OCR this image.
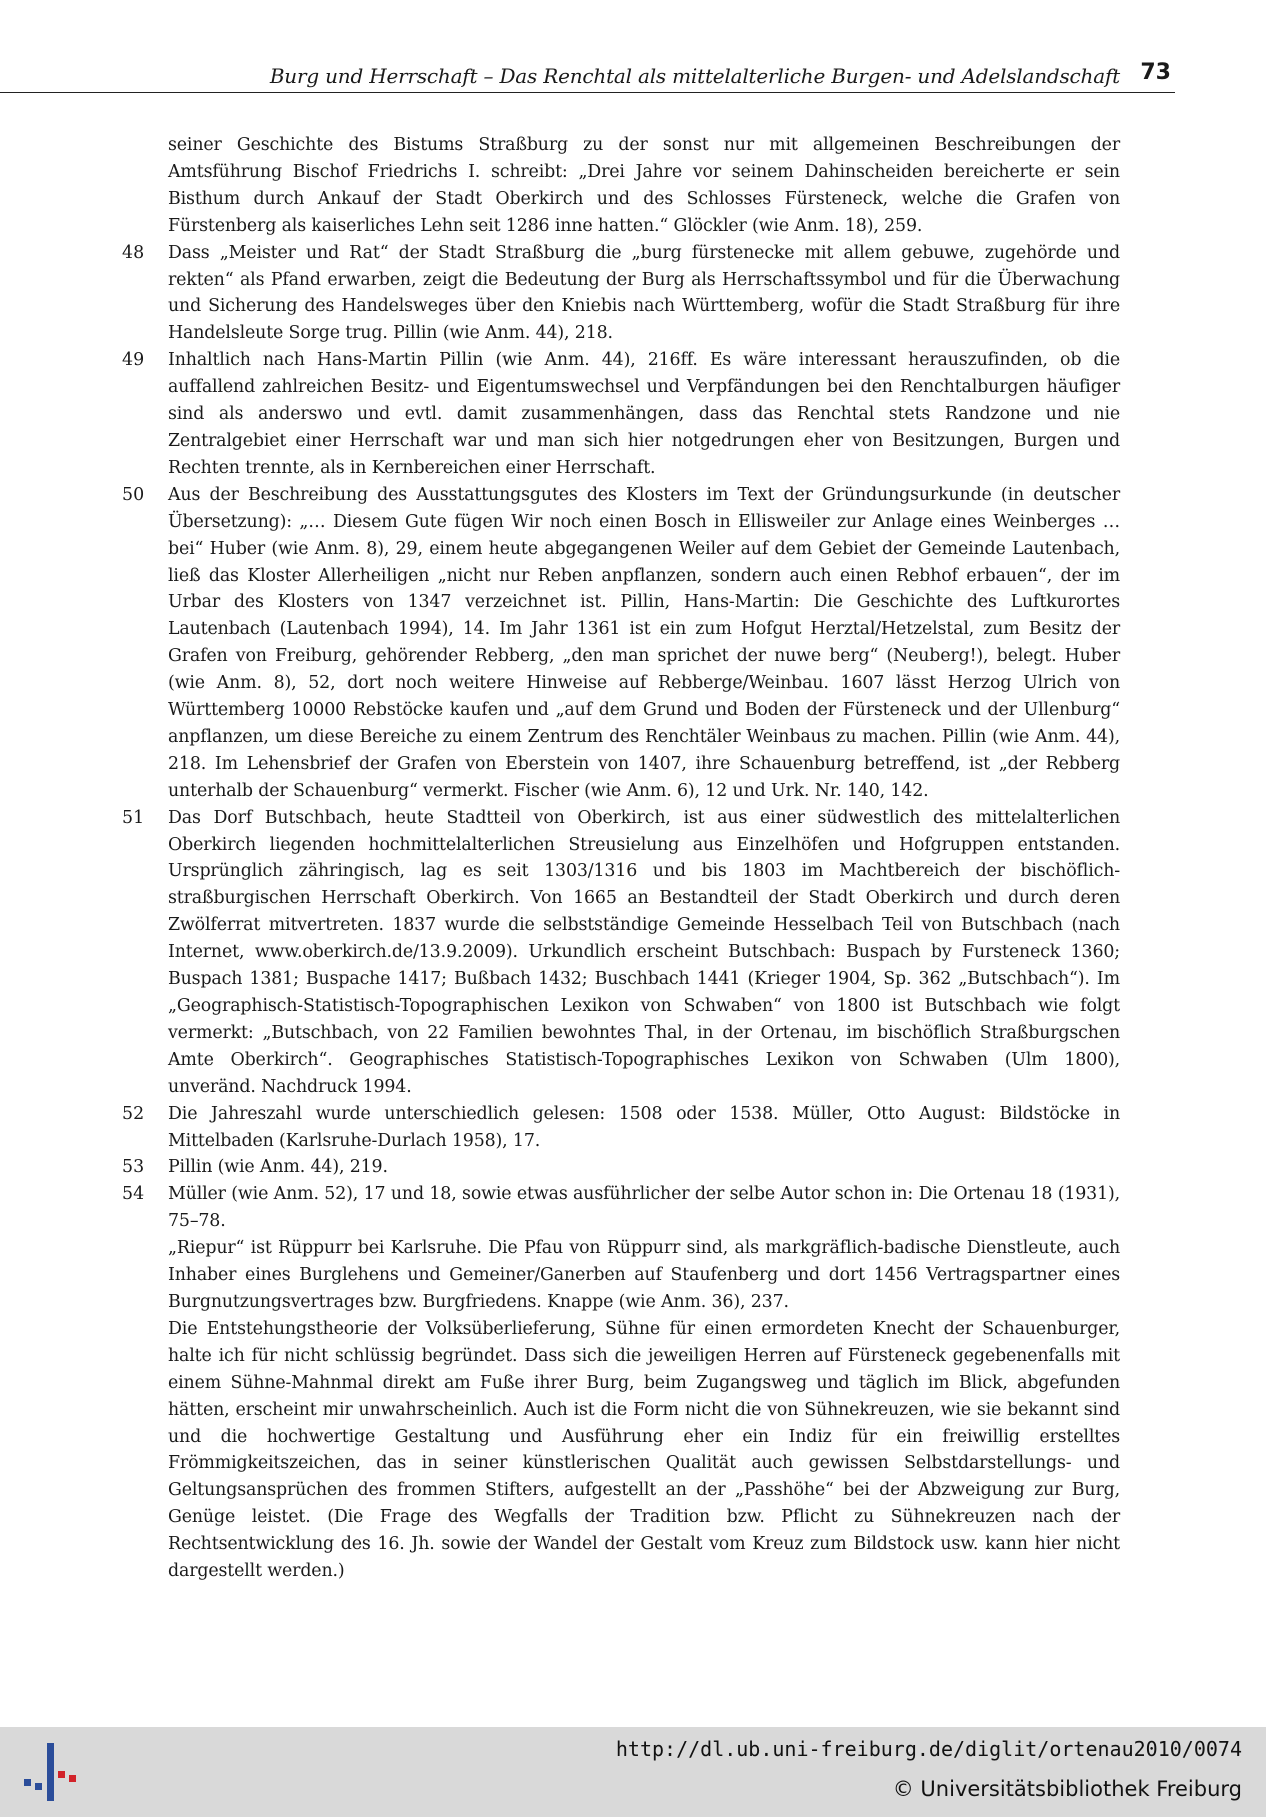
Burg und Herrschaft – Das Renchtal als mittelalterliche Burgen- und Adelslandschaft 73
seiner Geschichte des Bistums Straßburg zu der sonst nur mit allgemeinen Beschreibungen der Amtsführung Bischof Friedrichs I. schreibt: „Drei Jahre vor seinem Dahinscheiden bereicherte er sein Bisthum durch Ankauf der Stadt Oberkirch und des Schlosses Fürsteneck, welche die Grafen von Fürstenberg als kaiserliches Lehn seit 1286 inne hatten.“ Glöckler (wie Anm. 18), 259.
48 Dass „Meister und Rat“ der Stadt Straßburg die „burg fürstenecke mit allem gebuwe, zugehörde und rekten“ als Pfand erwarben, zeigt die Bedeutung der Burg als Herrschaftssymbol und für die Überwachung und Sicherung des Handelsweges über den Kniebis nach Württemberg, wofür die Stadt Straßburg für ihre Handelsleute Sorge trug. Pillin (wie Anm. 44), 218.
49 Inhaltlich nach Hans-Martin Pillin (wie Anm. 44), 216ff. Es wäre interessant herauszufinden, ob die auffallend zahlreichen Besitz- und Eigentumswechsel und Verpfändungen bei den Renchtalburgen häufiger sind als anderswo und evtl. damit zusammenhängen, dass das Renchtal stets Randzone und nie Zentralgebiet einer Herrschaft war und man sich hier notgedrungen eher von Besitzungen, Burgen und Rechten trennte, als in Kernbereichen einer Herrschaft.
50 Aus der Beschreibung des Ausstattungsgutes des Klosters im Text der Gründungsurkunde (in deutscher Übersetzung): „… Diesem Gute fügen Wir noch einen Bosch in Ellisweiler zur Anlage eines Weinberges … bei“ Huber (wie Anm. 8), 29, einem heute abgegangenen Weiler auf dem Gebiet der Gemeinde Lautenbach, ließ das Kloster Allerheiligen „nicht nur Reben anpflanzen, sondern auch einen Rebhof erbauen“, der im Urbar des Klosters von 1347 verzeichnet ist. Pillin, Hans-Martin: Die Geschichte des Luftkurortes Lautenbach (Lautenbach 1994), 14. Im Jahr 1361 ist ein zum Hofgut Herztal/Hetzelstal, zum Besitz der Grafen von Freiburg, gehörender Rebberg, „den man sprichet der nuwe berg“ (Neuberg!), belegt. Huber (wie Anm. 8), 52, dort noch weitere Hinweise auf Rebberge/Weinbau. 1607 lässt Herzog Ulrich von Württemberg 10000 Rebstöcke kaufen und „auf dem Grund und Boden der Fürsteneck und der Ullenburg“ anpflanzen, um diese Bereiche zu einem Zentrum des Renchtäler Weinbaus zu machen. Pillin (wie Anm. 44), 218. Im Lehensbrief der Grafen von Eberstein von 1407, ihre Schauenburg betreffend, ist „der Rebberg unterhalb der Schauenburg“ vermerkt. Fischer (wie Anm. 6), 12 und Urk. Nr. 140, 142.
51 Das Dorf Butschbach, heute Stadtteil von Oberkirch, ist aus einer südwestlich des mittelalterlichen Oberkirch liegenden hochmittelalterlichen Streusielung aus Einzelhöfen und Hofgruppen entstanden. Ursprünglich zähringisch, lag es seit 1303/1316 und bis 1803 im Machtbereich der bischöflich-straßburgischen Herrschaft Oberkirch. Von 1665 an Bestandteil der Stadt Oberkirch und durch deren Zwölferrat mitvertreten. 1837 wurde die selbstständige Gemeinde Hesselbach Teil von Butschbach (nach Internet, www.oberkirch.de/13.9.2009). Urkundlich erscheint Butschbach: Buspach by Fursteneck 1360; Buspach 1381; Buspache 1417; Bußbach 1432; Buschbach 1441 (Krieger 1904, Sp. 362 „Butschbach“). Im „Geographisch-Statistisch-Topographischen Lexikon von Schwaben“ von 1800 ist Butschbach wie folgt vermerkt: „Butschbach, von 22 Familien bewohntes Thal, in der Ortenau, im bischöflich Straßburgschen Amte Oberkirch“. Geographisches Statistisch-Topographisches Lexikon von Schwaben (Ulm 1800), unveränd. Nachdruck 1994.
52 Die Jahreszahl wurde unterschiedlich gelesen: 1508 oder 1538. Müller, Otto August: Bildstöcke in Mittelbaden (Karlsruhe-Durlach 1958), 17.
53 Pillin (wie Anm. 44), 219.
54 Müller (wie Anm. 52), 17 und 18, sowie etwas ausführlicher der selbe Autor schon in: Die Ortenau 18 (1931), 75–78.
„Riepur“ ist Rüppurr bei Karlsruhe. Die Pfau von Rüppurr sind, als markgräflich-badische Dienstleute, auch Inhaber eines Burglehens und Gemeiner/Ganerben auf Staufenberg und dort 1456 Vertragspartner eines Burgnutzungsvertrages bzw. Burgfriedens. Knappe (wie Anm. 36), 237.
Die Entstehungstheorie der Volksüberlieferung, Sühne für einen ermordeten Knecht der Schauenburger, halte ich für nicht schlüssig begründet. Dass sich die jeweiligen Herren auf Fürsteneck gegebenenfalls mit einem Sühne-Mahnmal direkt am Fuße ihrer Burg, beim Zugangsweg und täglich im Blick, abgefunden hätten, erscheint mir unwahrscheinlich. Auch ist die Form nicht die von Sühnekreuzen, wie sie bekannt sind und die hochwertige Gestaltung und Ausführung eher ein Indiz für ein freiwillig erstelltes Frömmigkeitszeichen, das in seiner künstlerischen Qualität auch gewissen Selbstdarstellungs- und Geltungsansprüchen des frommen Stifters, aufgestellt an der „Passhöhe“ bei der Abzweigung zur Burg, Genüge leistet. (Die Frage des Wegfalls der Tradition bzw. Pflicht zu Sühnekreuzen nach der Rechtsentwicklung des 16. Jh. sowie der Wandel der Gestalt vom Kreuz zum Bildstock usw. kann hier nicht dargestellt werden.)
http://dl.ub.uni-freiburg.de/diglit/ortenau2010/0074
© Universitätsbibliothek Freiburg
